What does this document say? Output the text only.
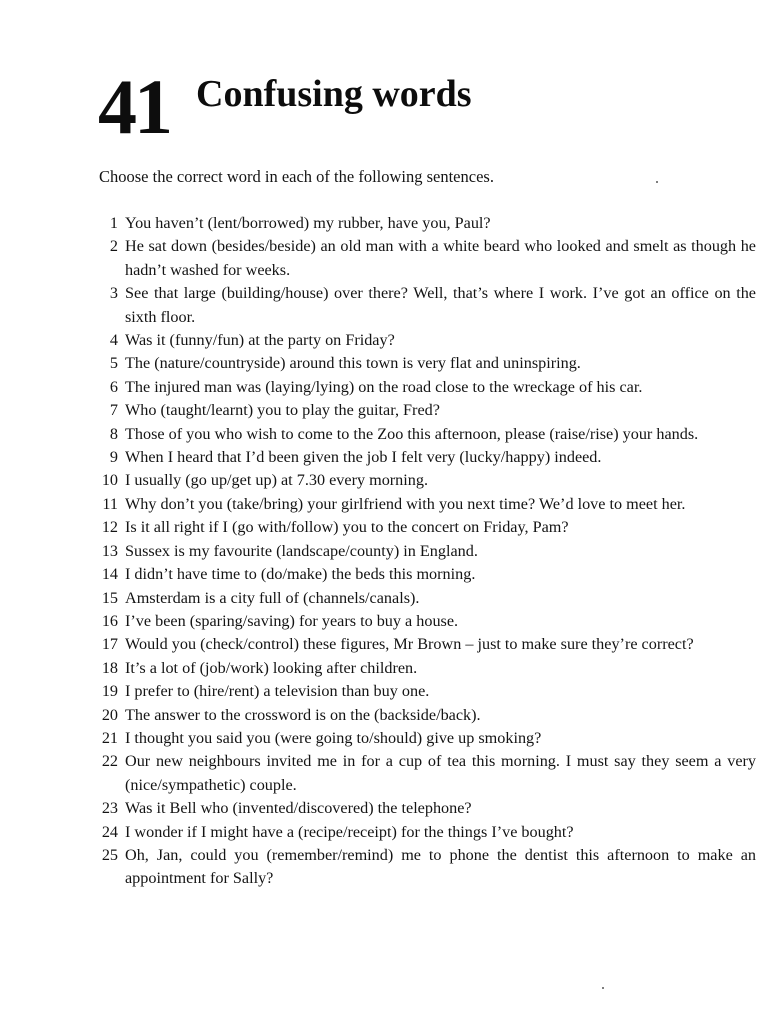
41 Confusing words
Choose the correct word in each of the following sentences.
1 You haven’t (lent/borrowed) my rubber, have you, Paul?
2 He sat down (besides/beside) an old man with a white beard who looked and smelt as though he hadn’t washed for weeks.
3 See that large (building/house) over there? Well, that’s where I work. I’ve got an office on the sixth floor.
4 Was it (funny/fun) at the party on Friday?
5 The (nature/countryside) around this town is very flat and uninspiring.
6 The injured man was (laying/lying) on the road close to the wreckage of his car.
7 Who (taught/learnt) you to play the guitar, Fred?
8 Those of you who wish to come to the Zoo this afternoon, please (raise/rise) your hands.
9 When I heard that I’d been given the job I felt very (lucky/happy) indeed.
10 I usually (go up/get up) at 7.30 every morning.
11 Why don’t you (take/bring) your girlfriend with you next time? We’d love to meet her.
12 Is it all right if I (go with/follow) you to the concert on Friday, Pam?
13 Sussex is my favourite (landscape/county) in England.
14 I didn’t have time to (do/make) the beds this morning.
15 Amsterdam is a city full of (channels/canals).
16 I’ve been (sparing/saving) for years to buy a house.
17 Would you (check/control) these figures, Mr Brown – just to make sure they’re correct?
18 It’s a lot of (job/work) looking after children.
19 I prefer to (hire/rent) a television than buy one.
20 The answer to the crossword is on the (backside/back).
21 I thought you said you (were going to/should) give up smoking?
22 Our new neighbours invited me in for a cup of tea this morning. I must say they seem a very (nice/sympathetic) couple.
23 Was it Bell who (invented/discovered) the telephone?
24 I wonder if I might have a (recipe/receipt) for the things I’ve bought?
25 Oh, Jan, could you (remember/remind) me to phone the dentist this afternoon to make an appointment for Sally?
